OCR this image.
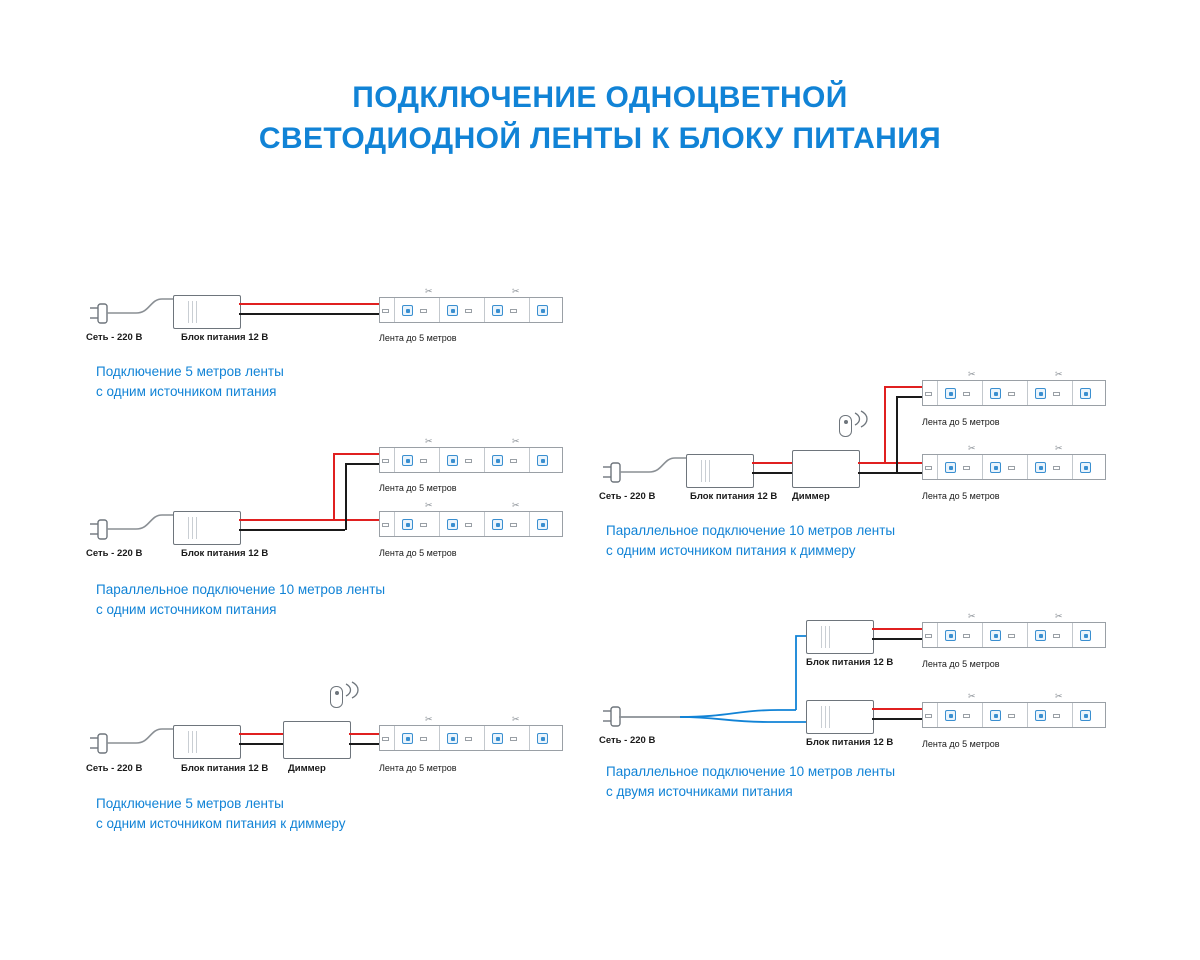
ПОДКЛЮЧЕНИЕ ОДНОЦВЕТНОЙ
СВЕТОДИОДНОЙ ЛЕНТЫ К БЛОКУ ПИТАНИЯ
Сеть - 220 В	Блок питания 12 В
✂	✂
Лента до 5 метров
Подключение 5 метров ленты
с одним источником питания
Сеть - 220 В	Блок питания 12 В
✂	✂
Лента до 5 метров
✂	✂
Лента до 5 метров
Параллельное подключение 10 метров ленты
с одним источником питания
Сеть - 220 В	Блок питания 12 В Диммер
✂	✂
Лента до 5 метров
Подключение 5 метров ленты
с одним источником питания к диммеру
Сеть - 220 В	Блок питания 12 В Диммер
✂	✂
Лента до 5 метров
✂	✂
Лента до 5 метров
Параллельное подключение 10 метров ленты
с одним источником питания к диммеру
Сеть - 220 В
Блок питания 12 В
Блок питания 12 В
✂	✂
Лента до 5 метров
✂	✂
Лента до 5 метров
Параллельное подключение 10 метров ленты
с двумя источниками питания
